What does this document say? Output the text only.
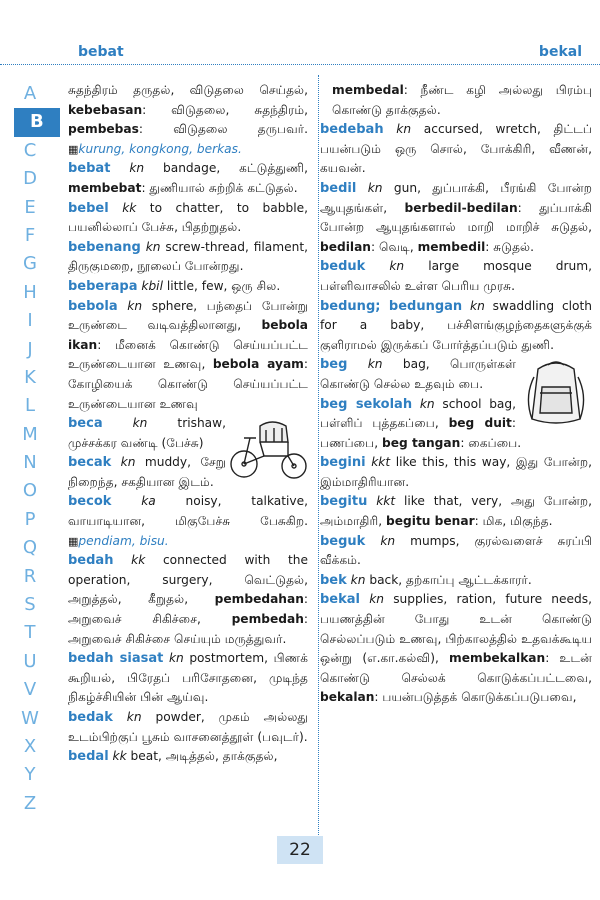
bebat	bekal
A
B
C
D
E
F
G
H
I
J
K
L
M
N
O
P
Q
R
S
T
U
V
W
X
Y
Z

சுதந்திரம் தருதல், விடுதலை செய்தல், kebebasan: விடுதலை, சுதந்திரம், pembebas: விடுதலை தருபவர். ▦kurung, kongkong, berkas.

bebat kn bandage, கட்டுத்துணி, membebat: துணியால் சுற்றிக் கட்டுதல்.

bebel kk to chatter, to babble, பயனில்லாப் பேச்சு, பிதற்றுதல்.

bebenang kn screw-thread, filament, திருகுமறை, நூலைப் போன்றது.

beberapa kbil little, few, ஒரு சில.

bebola kn sphere, பந்தைப் போன்று உருண்டை வடிவத்திலானது, bebola ikan: மீனைக் கொண்டு செய்யப்பட்ட உருண்டையான உணவு, bebola ayam: கோழியைக் கொண்டு செய்யப்பட்ட உருண்டையான உணவு

beca kn trishaw, முச்சக்கர வண்டி (பேச்சு)

becak kn muddy, சேறு நிறைந்த, சகதியான இடம்.

becok ka noisy, talkative, வாயாடியான, மிகுபேச்சு பேசுகிற. ▦pendiam, bisu.

bedah kk connected with the operation, surgery, வெட்டுதல், அறுத்தல், கீறுதல், pembedahan: அறுவைச் சிகிச்சை, pembedah: அறுவைச் சிகிச்சை செய்யும் மருத்துவர்.

bedah siasat kn postmortem, பிணக் கூறியல், பிரேதப் பரிசோதனை, முடிந்த நிகழ்ச்சியின் பின் ஆய்வு.

bedak kn powder, முகம் அல்லது உடம்பிற்குப் பூசும் வாசனைத்தூள் (பவுடர்).

bedal kk beat, அடித்தல், தாக்குதல்,

membedal: நீண்ட கழி அல்லது பிரம்பு கொண்டு தாக்குதல்.

bedebah kn accursed, wretch, திட்டப் பயன்படும் ஒரு சொல், போக்கிரி, வீணன், கயவன்.

bedil kn gun, துப்பாக்கி, பீரங்கி போன்ற ஆயுதங்கள், berbedil-bedilan: துப்பாக்கி போன்ற ஆயுதங்களால் மாறி மாறிச் சுடுதல், bedilan: வெடி, membedil: சுடுதல்.

beduk kn large mosque drum, பள்ளிவாசலில் உள்ள பெரிய முரசு.

bedung; bedungan kn swaddling cloth for a baby, பச்சிளங்குழந்தைகளுக்குக் குளிராமல் இருக்கப் போர்த்தப்படும் துணி.

beg kn bag, பொருள்கள் கொண்டு செல்ல உதவும் பை.

beg sekolah kn school bag, பள்ளிப் புத்தகப்பை, beg duit: பணப்பை, beg tangan: கைப்பை.

begini kkt like this, this way, இது போன்ற, இம்மாதிரியான.

begitu kkt like that, very, அது போன்ற, அம்மாதிரி, begitu benar: மிக, மிகுந்த.

beguk kn mumps, குரல்வளைச் சுரப்பி வீக்கம்.

bek kn back, தற்காப்பு ஆட்டக்காரர்.

bekal kn supplies, ration, future needs, பயணத்தின் போது உடன் கொண்டு செல்லப்படும் உணவு, பிற்காலத்தில் உதவக்கூடிய ஒன்று (எ.கா.கல்வி), membekalkan: உடன் கொண்டு செல்லக் கொடுக்கப்பட்டவை, bekalan: பயன்படுத்தக் கொடுக்கப்படுபவை,

22
